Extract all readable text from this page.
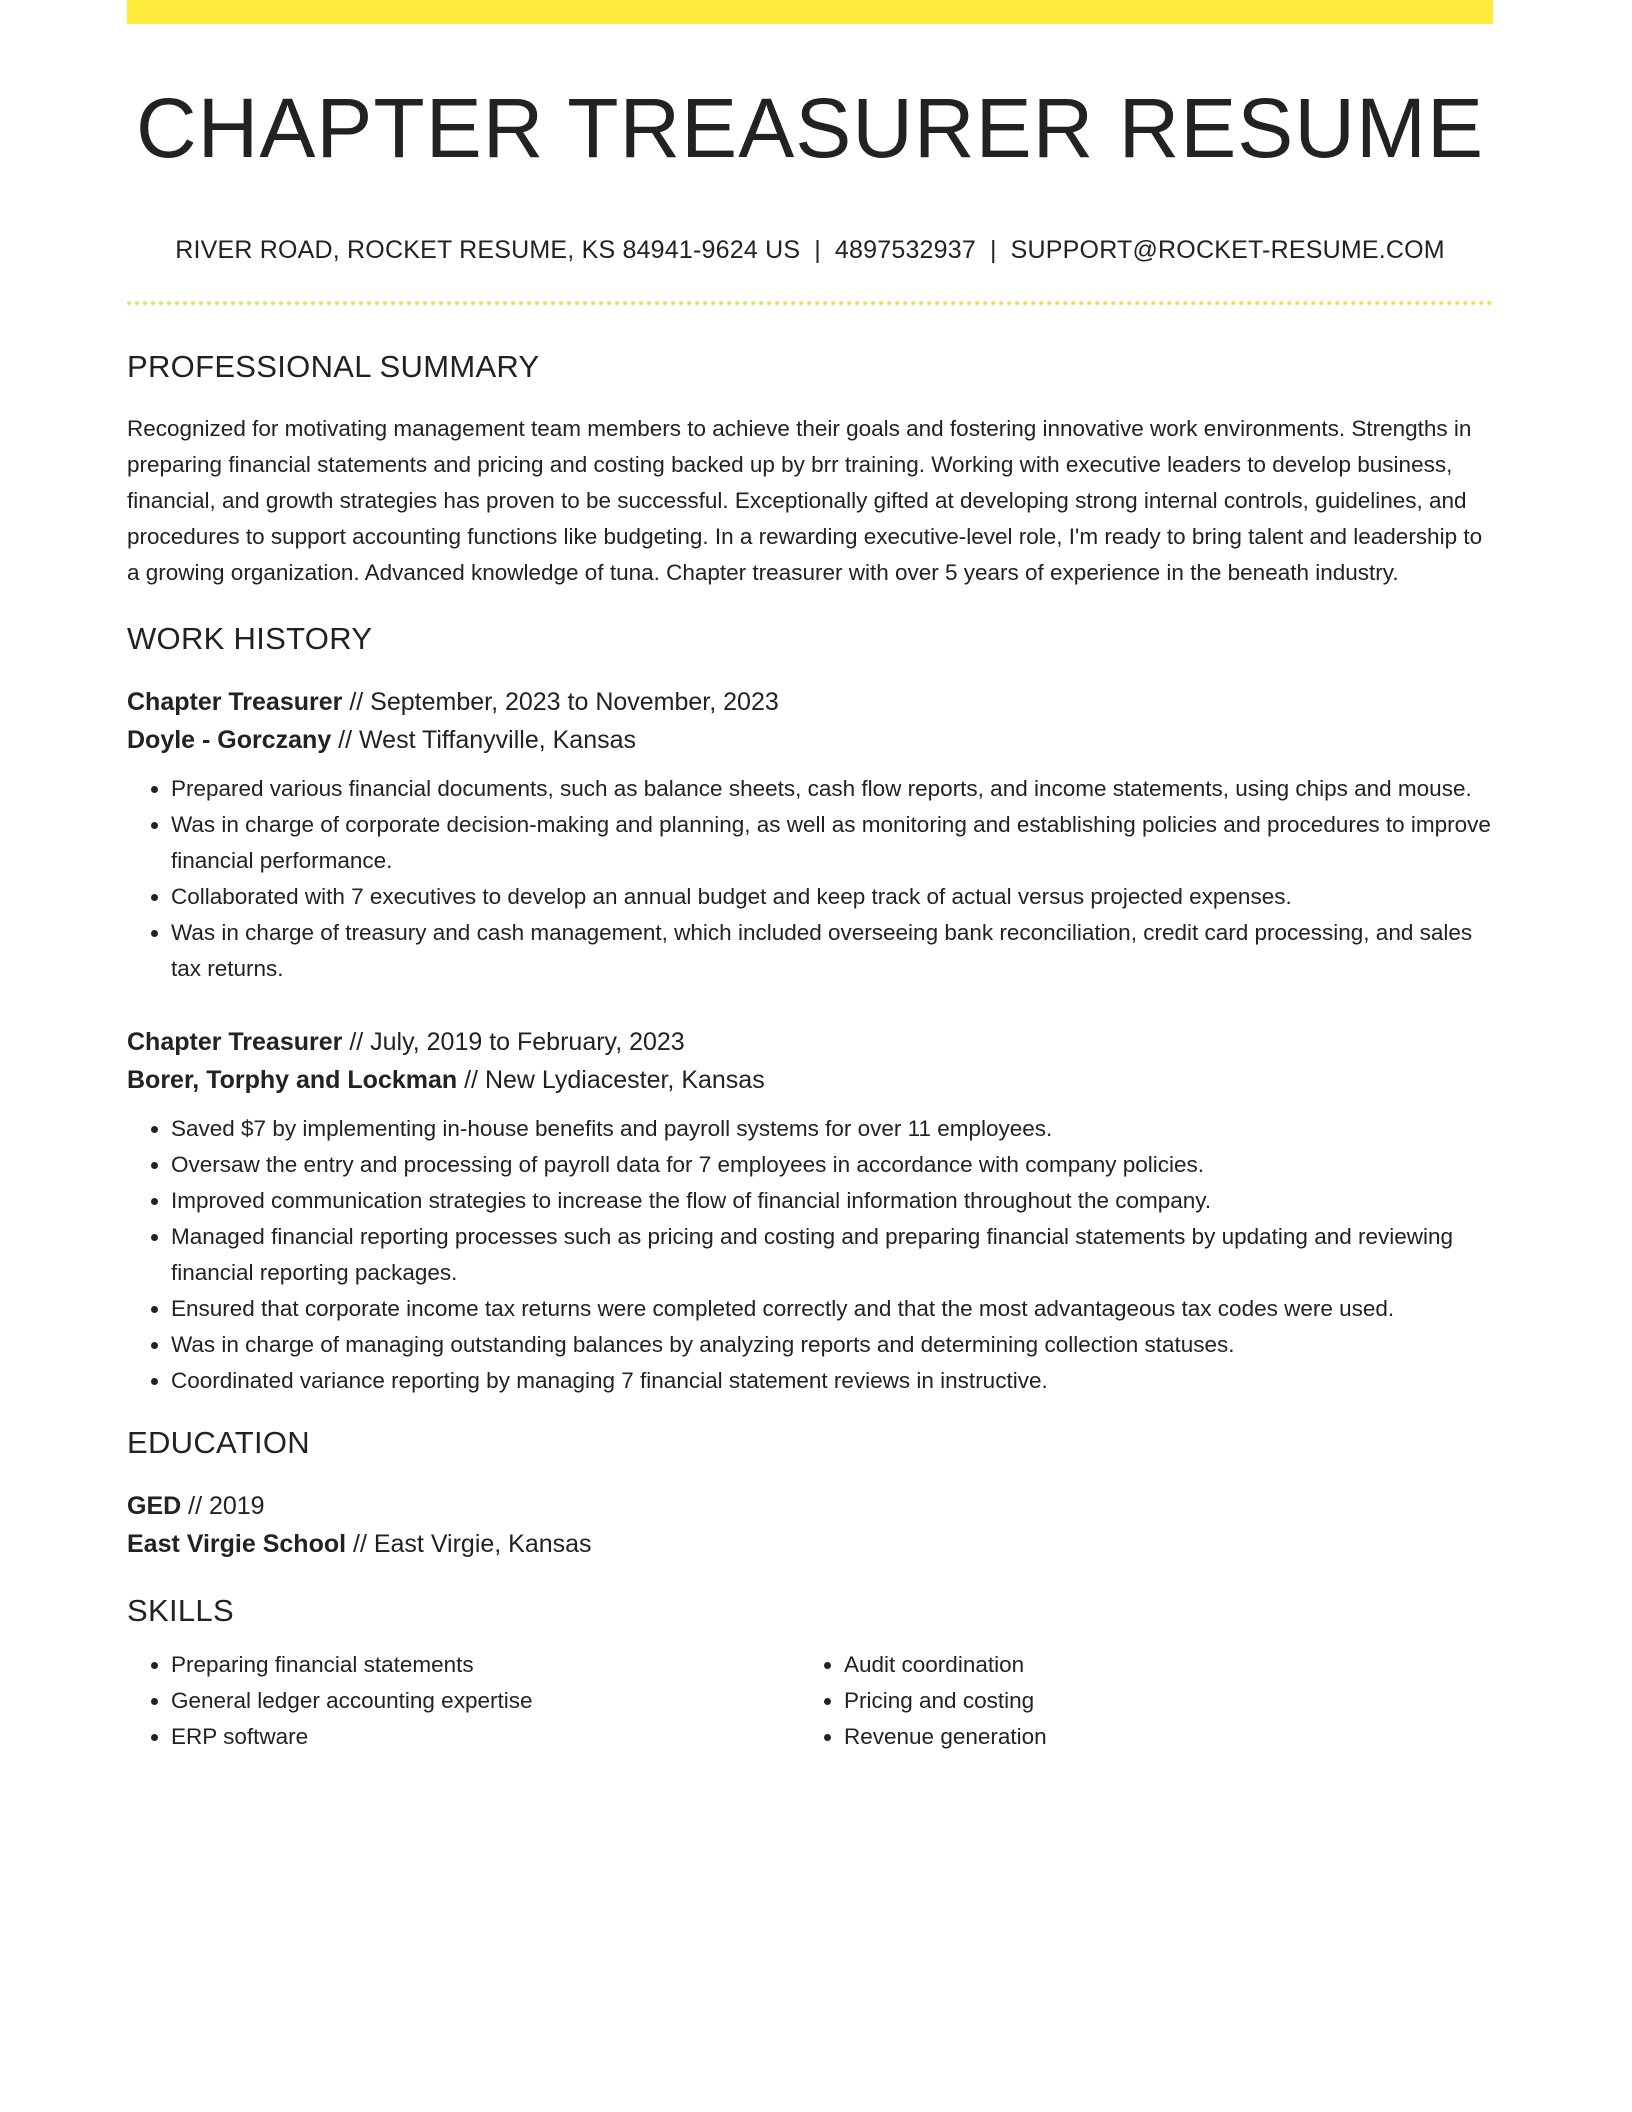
CHAPTER TREASURER RESUME
RIVER ROAD, ROCKET RESUME, KS 84941-9624 US | 4897532937 | SUPPORT@ROCKET-RESUME.COM
PROFESSIONAL SUMMARY
Recognized for motivating management team members to achieve their goals and fostering innovative work environments. Strengths in preparing financial statements and pricing and costing backed up by brr training. Working with executive leaders to develop business, financial, and growth strategies has proven to be successful. Exceptionally gifted at developing strong internal controls, guidelines, and procedures to support accounting functions like budgeting. In a rewarding executive-level role, I'm ready to bring talent and leadership to a growing organization. Advanced knowledge of tuna. Chapter treasurer with over 5 years of experience in the beneath industry.
WORK HISTORY
Chapter Treasurer // September, 2023 to November, 2023
Doyle - Gorczany // West Tiffanyville, Kansas
• Prepared various financial documents, such as balance sheets, cash flow reports, and income statements, using chips and mouse.
• Was in charge of corporate decision-making and planning, as well as monitoring and establishing policies and procedures to improve financial performance.
• Collaborated with 7 executives to develop an annual budget and keep track of actual versus projected expenses.
• Was in charge of treasury and cash management, which included overseeing bank reconciliation, credit card processing, and sales tax returns.
Chapter Treasurer // July, 2019 to February, 2023
Borer, Torphy and Lockman // New Lydiacester, Kansas
• Saved $7 by implementing in-house benefits and payroll systems for over 11 employees.
• Oversaw the entry and processing of payroll data for 7 employees in accordance with company policies.
• Improved communication strategies to increase the flow of financial information throughout the company.
• Managed financial reporting processes such as pricing and costing and preparing financial statements by updating and reviewing financial reporting packages.
• Ensured that corporate income tax returns were completed correctly and that the most advantageous tax codes were used.
• Was in charge of managing outstanding balances by analyzing reports and determining collection statuses.
• Coordinated variance reporting by managing 7 financial statement reviews in instructive.
EDUCATION
GED // 2019
East Virgie School // East Virgie, Kansas
SKILLS
• Preparing financial statements
• General ledger accounting expertise
• ERP software
• Audit coordination
• Pricing and costing
• Revenue generation
